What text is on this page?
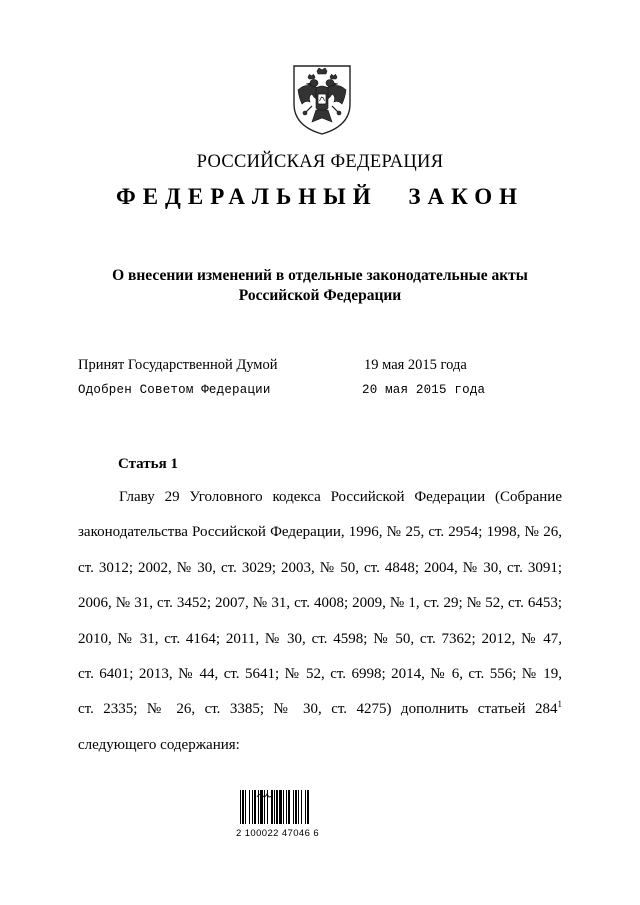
РОССИЙСКАЯ ФЕДЕРАЦИЯ
ФЕДЕРАЛЬНЫЙ ЗАКОН
О внесении изменений в отдельные законодательные акты
Российской Федерации
Принят Государственной Думой	19 мая 2015 года
Одобрен Советом Федерации	20 мая 2015 года
Статья 1
Главу 29 Уголовного кодекса Российской Федерации (Собрание
законодательства Российской Федерации, 1996, № 25, ст. 2954; 1998, № 26,
ст. 3012; 2002, № 30, ст. 3029; 2003, № 50, ст. 4848; 2004, № 30, ст. 3091;
2006, № 31, ст. 3452; 2007, № 31, ст. 4008; 2009, № 1, ст. 29; № 52, ст. 6453;
2010, № 31, ст. 4164; 2011, № 30, ст. 4598; № 50, ст. 7362; 2012, № 47,
ст. 6401; 2013, № 44, ст. 5641; № 52, ст. 6998; 2014, № 6, ст. 556; № 19,
ст. 2335; № 26, ст. 3385; № 30, ст. 4275) дополнить статьей $284^1$
следующего содержания:
2 100022 47046 6
